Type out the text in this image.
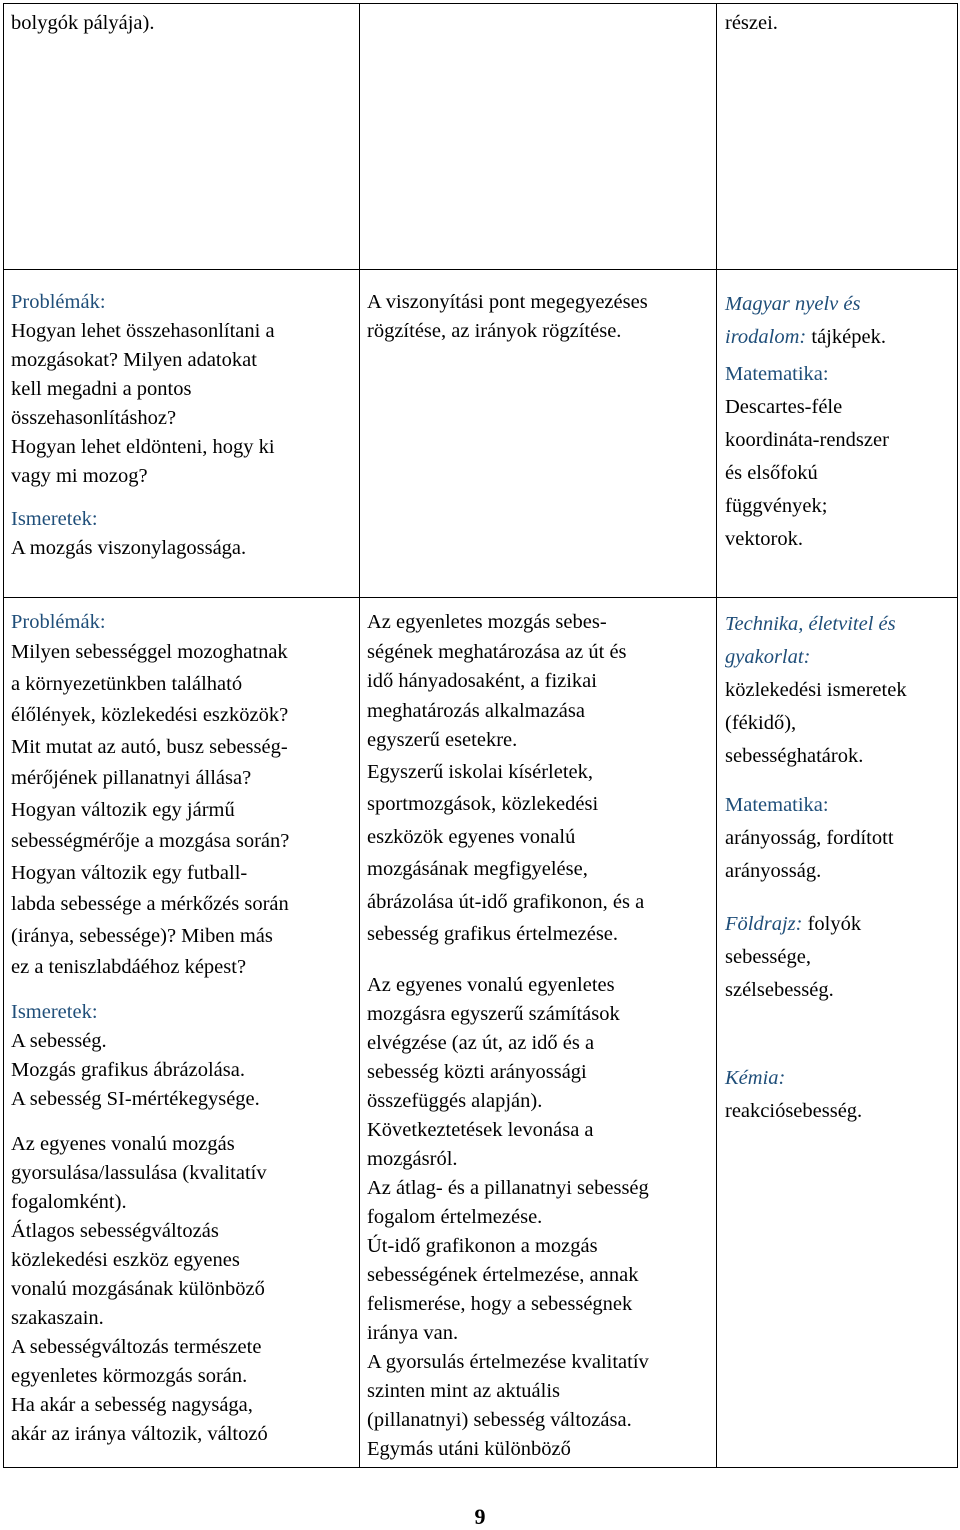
bolygók pályája).	részei.

Problémák:

Hogyan lehet összehasonlítani a

mozgásokat? Milyen adatokat

kell megadni a pontos

összehasonlításhoz?

Hogyan lehet eldönteni, hogy ki

vagy mi mozog?

Ismeretek:

A mozgás viszonylagossága.

A viszonyítási pont megegyezéses

rögzítése, az irányok rögzítése.

Magyar nyelv és

irodalom: tájképek.

Matematika:

Descartes-féle

koordináta-rendszer

és elsőfokú

függvények;

vektorok.

Problémák:

Milyen sebességgel mozoghatnak

a környezetünkben található

élőlények, közlekedési eszközök?

Mit mutat az autó, busz sebesség-

mérőjének pillanatnyi állása?

Hogyan változik egy jármű

sebességmérője a mozgása során?

Hogyan változik egy futball-

labda sebessége a mérkőzés során

(iránya, sebessége)? Miben más

ez a teniszlabdáéhoz képest?

Ismeretek:

A sebesség.

Mozgás grafikus ábrázolása.

A sebesség SI-mértékegysége.

Az egyenes vonalú mozgás

gyorsulása/lassulása (kvalitatív

fogalomként).

Átlagos sebességváltozás

közlekedési eszköz egyenes

vonalú mozgásának különböző

szakaszain.

A sebességváltozás természete

egyenletes körmozgás során.

Ha akár a sebesség nagysága,

akár az iránya változik, változó

Az egyenletes mozgás sebes-

ségének meghatározása az út és

idő hányadosaként, a fizikai

meghatározás alkalmazása

egyszerű esetekre.

Egyszerű iskolai kísérletek,

sportmozgások, közlekedési

eszközök egyenes vonalú

mozgásának megfigyelése,

ábrázolása út-idő grafikonon, és a

sebesség grafikus értelmezése.

Az egyenes vonalú egyenletes

mozgásra egyszerű számítások

elvégzése (az út, az idő és a

sebesség közti arányossági

összefüggés alapján).

Következtetések levonása a

mozgásról.

Az átlag- és a pillanatnyi sebesség

fogalom értelmezése.

Út-idő grafikonon a mozgás

sebességének értelmezése, annak

felismerése, hogy a sebességnek

iránya van.

A gyorsulás értelmezése kvalitatív

szinten mint az aktuális

(pillanatnyi) sebesség változása.

Egymás utáni különböző

Technika, életvitel és

gyakorlat:

közlekedési ismeretek

(fékidő),

sebességhatárok.

Matematika:

arányosság, fordított

arányosság.

Földrajz: folyók

sebessége,

szélsebesség.

Kémia:

reakciósebesség.

9
